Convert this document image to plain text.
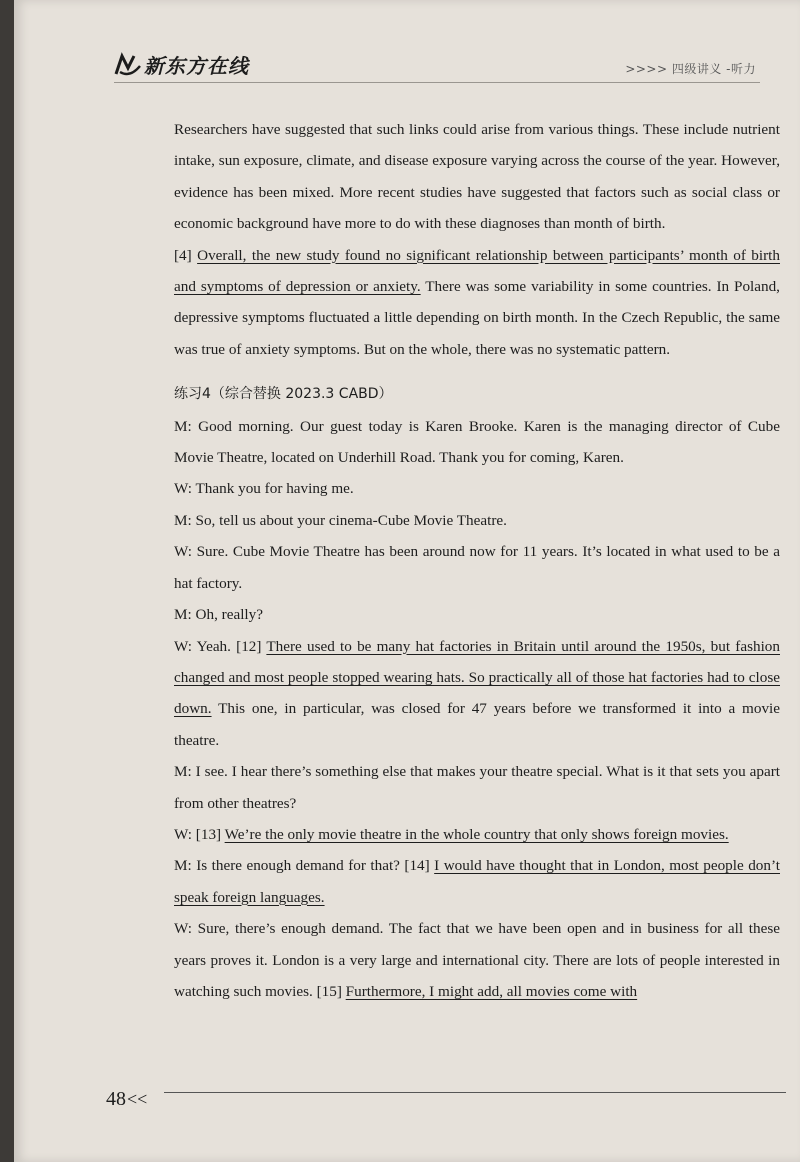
新东方在线	>>>> 四级讲义 -听力

Researchers have suggested that such links could arise from various things. These include nutrient intake, sun exposure, climate, and disease exposure varying across the course of the year. However, evidence has been mixed. More recent studies have suggested that factors such as social class or economic background have more to do with these diagnoses than month of birth.

[4] Overall, the new study found no significant relationship between participants’ month of birth and symptoms of depression or anxiety. There was some variability in some countries. In Poland, depressive symptoms fluctuated a little depending on birth month. In the Czech Republic, the same was true of anxiety symptoms. But on the whole, there was no systematic pattern.

练习4（综合替换 2023.3 CABD）

M: Good morning. Our guest today is Karen Brooke. Karen is the managing director of Cube Movie Theatre, located on Underhill Road. Thank you for coming, Karen.

W: Thank you for having me.

M: So, tell us about your cinema-Cube Movie Theatre.

W: Sure. Cube Movie Theatre has been around now for 11 years. It’s located in what used to be a hat factory.

M: Oh, really?

W: Yeah. [12] There used to be many hat factories in Britain until around the 1950s, but fashion changed and most people stopped wearing hats. So practically all of those hat factories had to close down. This one, in particular, was closed for 47 years before we transformed it into a movie theatre.

M: I see. I hear there’s something else that makes your theatre special. What is it that sets you apart from other theatres?

W: [13] We’re the only movie theatre in the whole country that only shows foreign movies.

M: Is there enough demand for that? [14] I would have thought that in London, most people don’t speak foreign languages.

W: Sure, there’s enough demand. The fact that we have been open and in business for all these years proves it. London is a very large and international city. There are lots of people interested in watching such movies. [15] Furthermore, I might add, all movies come with

48 <<
